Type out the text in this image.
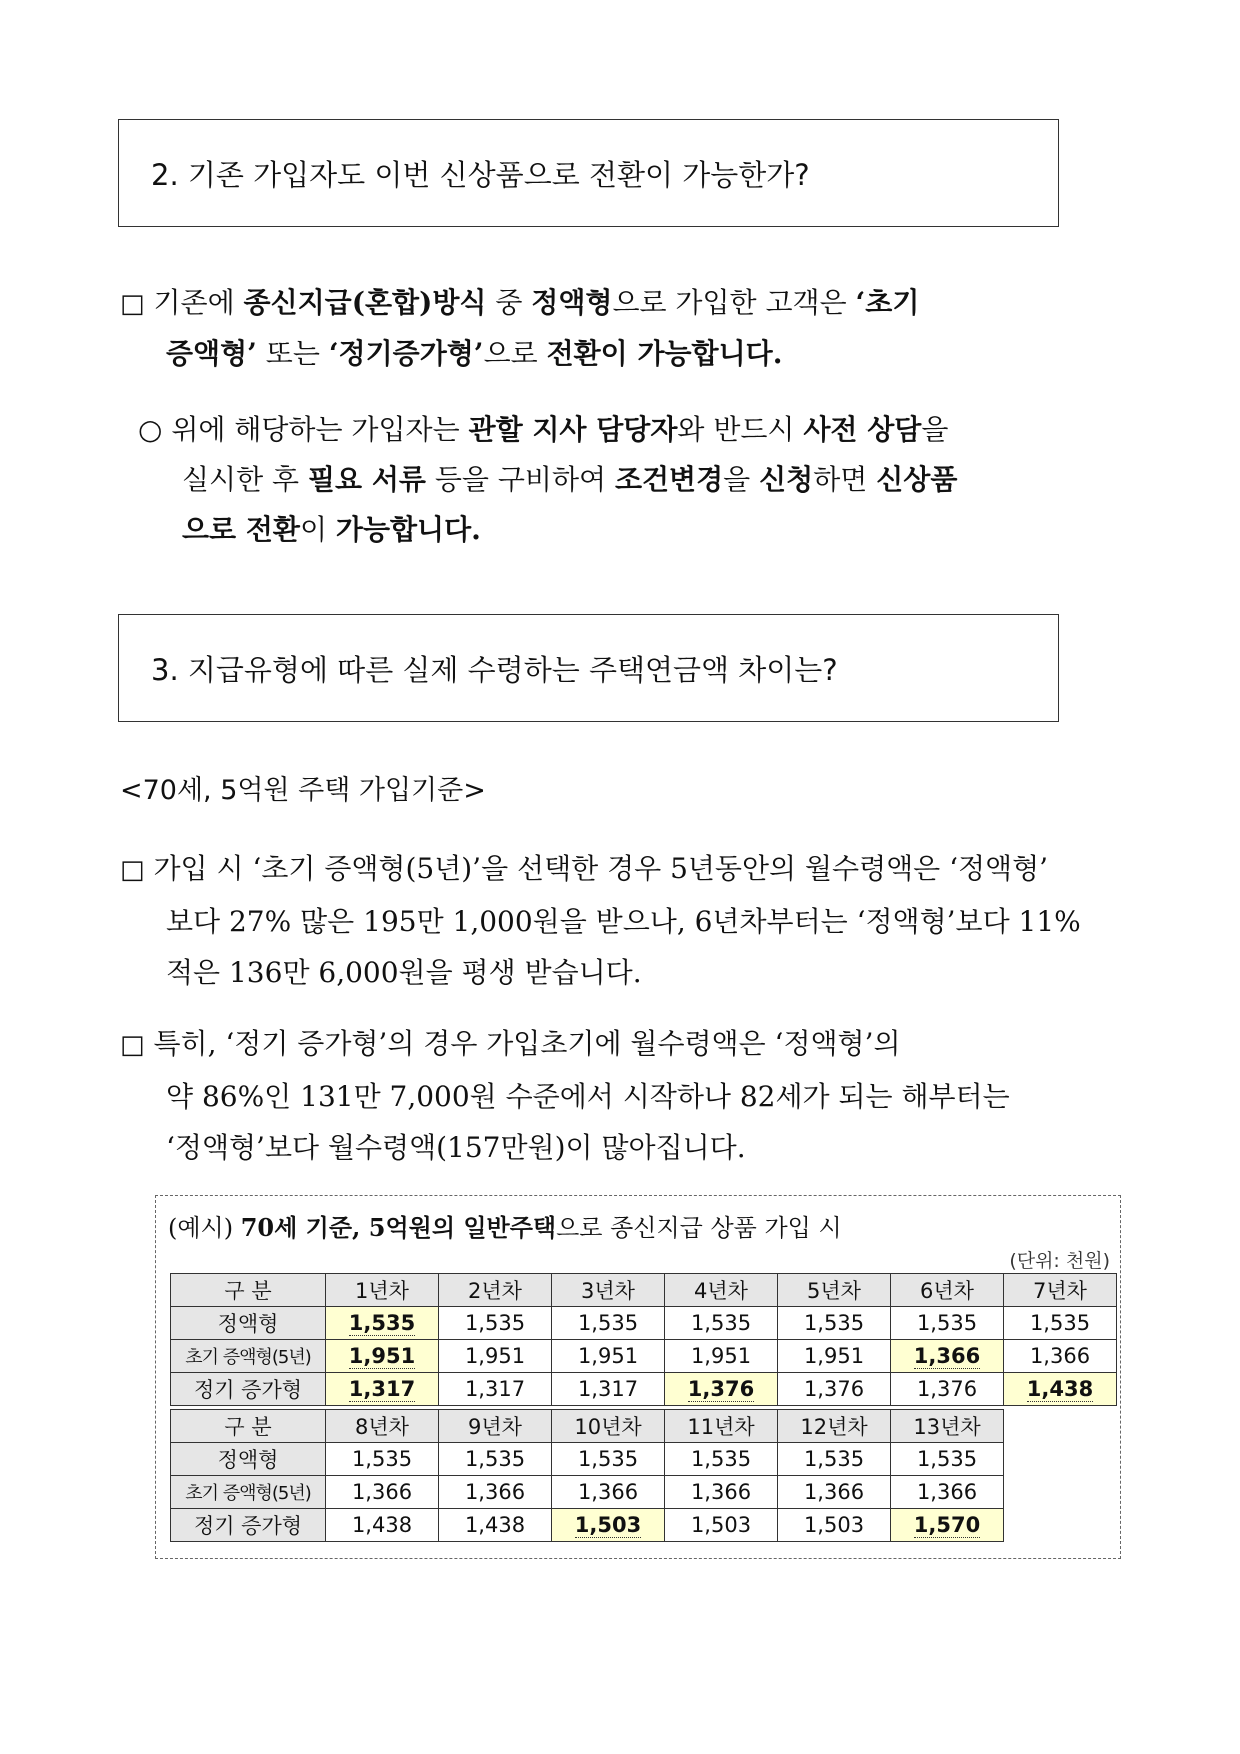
2. 기존 가입자도 이번 신상품으로 전환이 가능한가?
□ 기존에 종신지급(혼합)방식 중 정액형으로 가입한 고객은 ‘초기
증액형’ 또는 ‘정기증가형’으로 전환이 가능합니다.
○ 위에 해당하는 가입자는 관할 지사 담당자와 반드시 사전 상담을
실시한 후 필요 서류 등을 구비하여 조건변경을 신청하면 신상품
으로 전환이 가능합니다.
3. 지급유형에 따른 실제 수령하는 주택연금액 차이는?
<70세, 5억원 주택 가입기준>
□ 가입 시 ‘초기 증액형(5년)’을 선택한 경우 5년동안의 월수령액은 ‘정액형’
보다 27% 많은 195만 1,000원을 받으나, 6년차부터는 ‘정액형’보다 11%
적은 136만 6,000원을 평생 받습니다.
□ 특히, ‘정기 증가형’의 경우 가입초기에 월수령액은 ‘정액형’의
약 86%인 131만 7,000원 수준에서 시작하나 82세가 되는 해부터는
‘정액형’보다 월수령액(157만원)이 많아집니다.
(예시) 70세 기준, 5억원의 일반주택으로 종신지급 상품 가입 시
(단위: 천원)
구 분	1년차	2년차	3년차	4년차	5년차	6년차	7년차
정액형	1,535	1,535	1,535	1,535	1,535	1,535	1,535
초기 증액형(5년)	1,951	1,951	1,951	1,951	1,951	1,366	1,366
정기 증가형	1,317	1,317	1,317	1,376	1,376	1,376	1,438
구 분	8년차	9년차	10년차	11년차	12년차	13년차
정액형	1,535	1,535	1,535	1,535	1,535	1,535
초기 증액형(5년)	1,366	1,366	1,366	1,366	1,366	1,366
정기 증가형	1,438	1,438	1,503	1,503	1,503	1,570
